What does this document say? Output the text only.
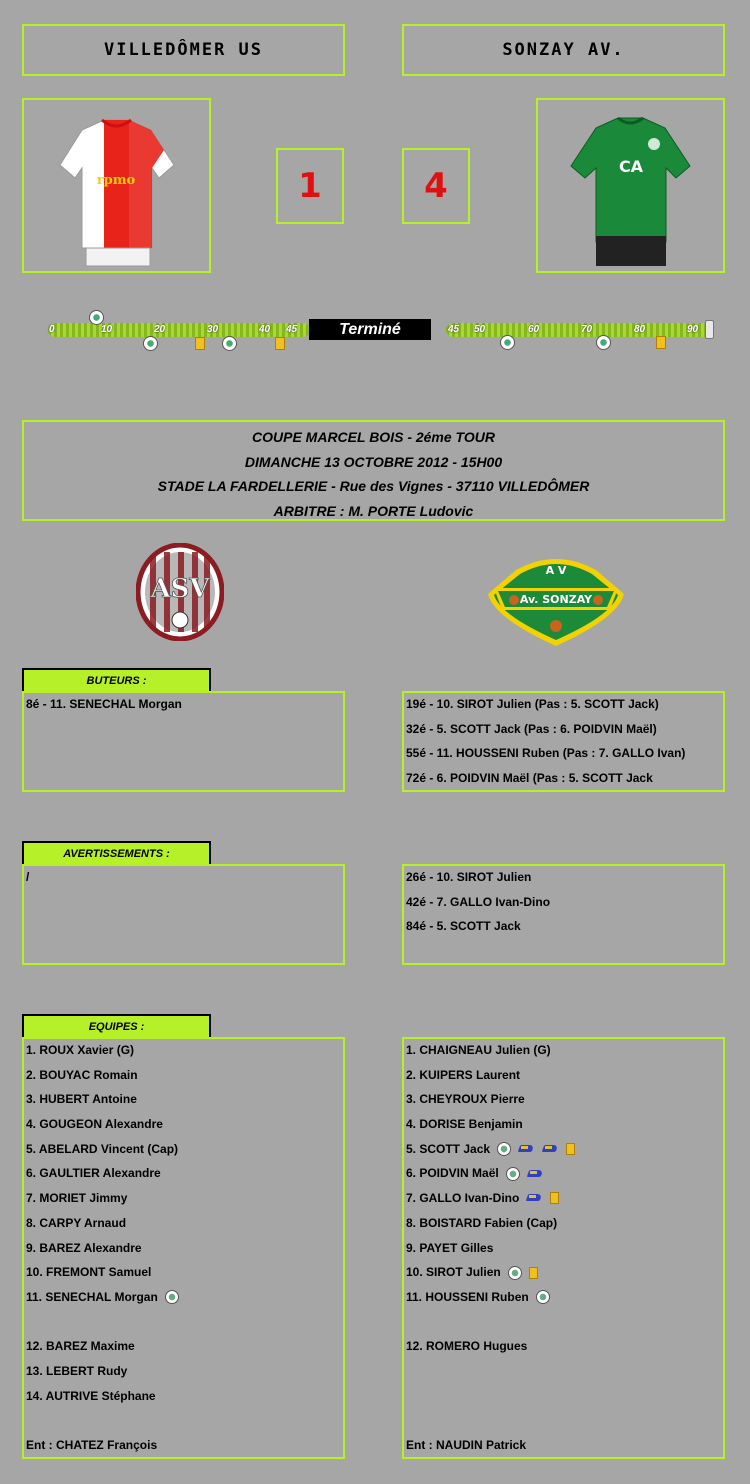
VILLEDÔMER US	SONZAY AV.
rpmo
CA
1	4
0	10	20	30	40 45	45 50	60	70	80	90
Terminé
COUPE MARCEL BOIS - 2éme TOUR
DIMANCHE 13 OCTOBRE 2012 - 15H00
STADE LA FARDELLERIE - Rue des Vignes - 37110 VILLEDÔMER
ARBITRE : M. PORTE Ludovic
ASV	Av. SONZAY
A V
BUTEURS :
8é - 11. SENECHAL Morgan	19é - 10. SIROT Julien (Pas : 5. SCOTT Jack)
32é - 5. SCOTT Jack (Pas : 6. POIDVIN Maël)
55é - 11. HOUSSENI Ruben (Pas : 7. GALLO Ivan)
72é - 6. POIDVIN Maël (Pas : 5. SCOTT Jack
AVERTISSEMENTS :
/	26é - 10. SIROT Julien
42é - 7. GALLO Ivan-Dino
84é - 5. SCOTT Jack
EQUIPES :
1. ROUX Xavier (G)
2. BOUYAC Romain
3. HUBERT Antoine
4. GOUGEON Alexandre
5. ABELARD Vincent (Cap)
6. GAULTIER Alexandre
7. MORIET Jimmy
8. CARPY Arnaud
9. BAREZ Alexandre
10. FREMONT Samuel
11. SENECHAL Morgan
12. BAREZ Maxime
13. LEBERT Rudy
14. AUTRIVE Stéphane
Ent : CHATEZ François
1. CHAIGNEAU Julien (G)
2. KUIPERS Laurent
3. CHEYROUX Pierre
4. DORISE Benjamin
5. SCOTT Jack
6. POIDVIN Maël
7. GALLO Ivan-Dino
8. BOISTARD Fabien (Cap)
9. PAYET Gilles
10. SIROT Julien
11. HOUSSENI Ruben
12. ROMERO Hugues
Ent : NAUDIN Patrick
